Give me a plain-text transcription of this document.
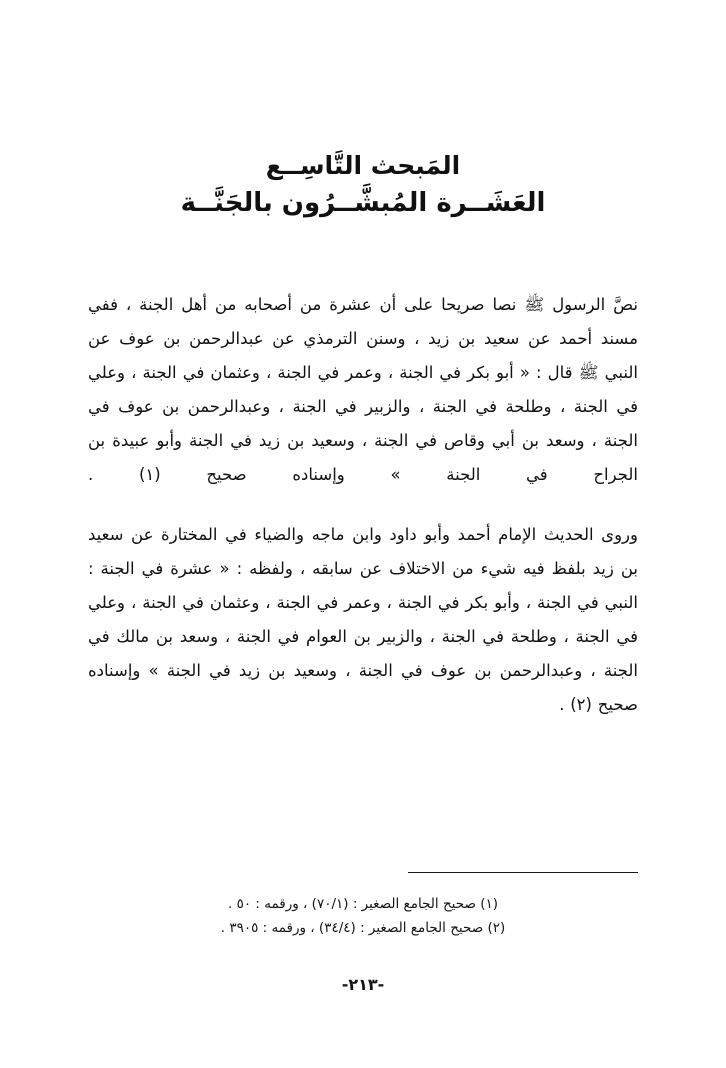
المَبحث التَّاسِــع
العَشَــرة المُبشَّــرُون بالجَنَّــة

نصَّ الرسول ﷺ نصا صريحا على أن عشرة من أصحابه من أهل الجنة ، ففي مسند أحمد عن سعيد بن زيد ، وسنن الترمذي عن عبدالرحمن بن عوف عن النبي ﷺ قال : « أبو بكر في الجنة ، وعمر في الجنة ، وعثمان في الجنة ، وعلي في الجنة ، وطلحة في الجنة ، والزبير في الجنة ، وعبدالرحمن بن عوف في الجنة ، وسعد بن أبي وقاص في الجنة ، وسعيد بن زيد في الجنة وأبو عبيدة بن الجراح في الجنة » وإسناده صحيح (١) .

وروى الحديث الإمام أحمد وأبو داود وابن ماجه والضياء في المختارة عن سعيد بن زيد بلفظ فيه شيء من الاختلاف عن سابقه ، ولفظه : « عشرة في الجنة : النبي في الجنة ، وأبو بكر في الجنة ، وعمر في الجنة ، وعثمان في الجنة ، وعلي في الجنة ، وطلحة في الجنة ، والزبير بن العوام في الجنة ، وسعد بن مالك في الجنة ، وعبدالرحمن بن عوف في الجنة ، وسعيد بن زيد في الجنة » وإسناده صحيح (٢) .

(١) صحيح الجامع الصغير : (٧٠/١) ، ورقمه : ٥٠ .

(٢) صحيح الجامع الصغير : (٣٤/٤) ، ورقمه : ٣٩٠٥ .

-٢١٣-
